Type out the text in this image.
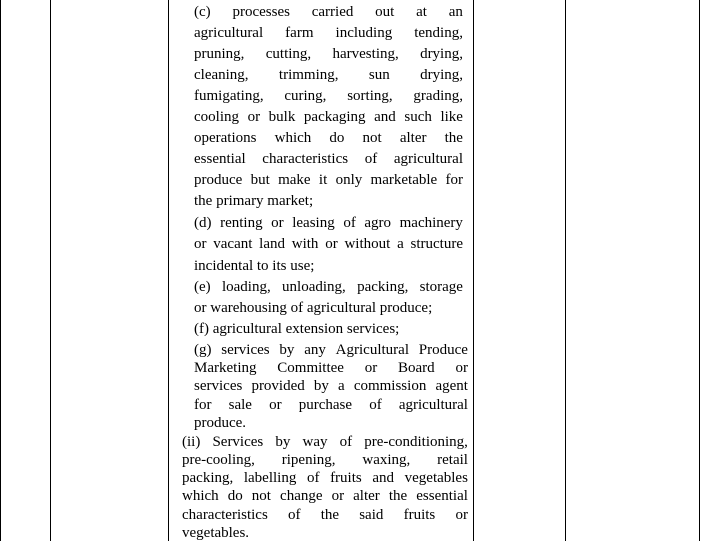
(c) processes carried out at an
agricultural farm including tending,
pruning, cutting, harvesting, drying,
cleaning, trimming, sun drying,
fumigating, curing, sorting, grading,
cooling or bulk packaging and such like
operations which do not alter the
essential characteristics of agricultural
produce but make it only marketable for
the primary market;
(d) renting or leasing of agro machinery
or vacant land with or without a structure
incidental to its use;
(e) loading, unloading, packing, storage
or warehousing of agricultural produce;
(f) agricultural extension services;
(g) services by any Agricultural Produce
Marketing Committee or Board or
services provided by a commission agent
for sale or purchase of agricultural
produce.
(ii) Services by way of pre-conditioning,
pre-cooling, ripening, waxing, retail
packing, labelling of fruits and vegetables
which do not change or alter the essential
characteristics of the said fruits or
vegetables.
